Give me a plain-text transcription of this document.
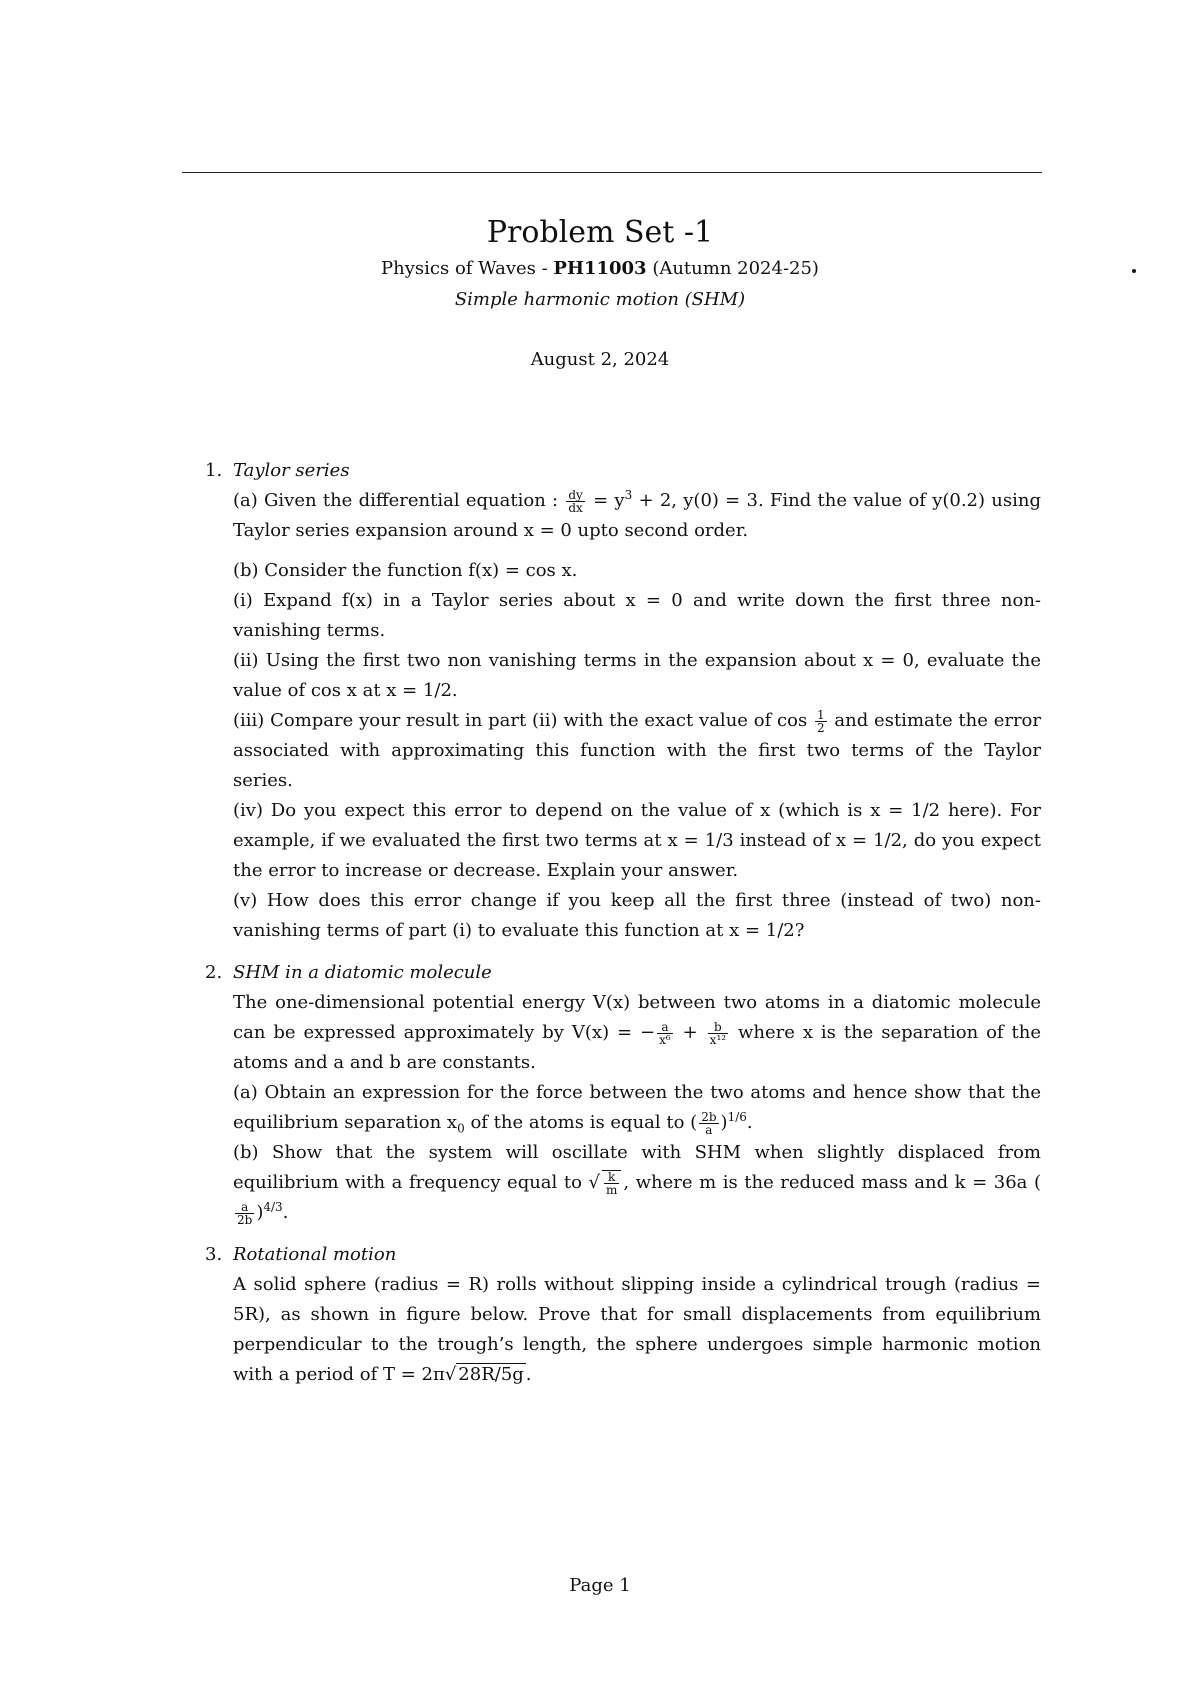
Problem Set -1
Physics of Waves - PH11003 (Autumn 2024-25)
Simple harmonic motion (SHM)
August 2, 2024
1. Taylor series
(a) Given the differential equation : $\frac{dy}{dx} = y^3 + 2$, y(0) = 3. Find the value of y(0.2) using Taylor series expansion around x = 0 upto second order.
(b) Consider the function f(x) = cos x.
(i) Expand f(x) in a Taylor series about x = 0 and write down the first three non-vanishing terms.
(ii) Using the first two non vanishing terms in the expansion about x = 0, evaluate the value of cos x at x = 1/2.
(iii) Compare your result in part (ii) with the exact value of $\cos \frac{1}{2}$ and estimate the error associated with approximating this function with the first two terms of the Taylor series.
(iv) Do you expect this error to depend on the value of x (which is x = 1/2 here). For example, if we evaluated the first two terms at x = 1/3 instead of x = 1/2, do you expect the error to increase or decrease. Explain your answer.
(v) How does this error change if you keep all the first three (instead of two) non-vanishing terms of part (i) to evaluate this function at x = 1/2?
2. SHM in a diatomic molecule
The one-dimensional potential energy V(x) between two atoms in a diatomic molecule can be expressed approximately by V(x) = − $\frac{a}{\text{x⁶}} + \frac{b}{\text{x¹²}}$ where x is the separation of the atoms and a and b are constants.
(a) Obtain an expression for the force between the two atoms and hence show that the equilibrium separation $x_0$ of the atoms is equal to ( $\frac{2b}{a} )^{1/6}$.
(b) Show that the system will oscillate with SHM when slightly displaced from equilibrium with a frequency equal to √ $\frac{k}{m}$ , where m is the reduced mass and k = 36a (
$\frac{a}{2b} )^{4/3}$.
3. Rotational motion
A solid sphere (radius = R) rolls without slipping inside a cylindrical trough (radius = 5R), as shown in figure below. Prove that for small displacements from equilibrium perpendicular to the trough’s length, the sphere undergoes simple harmonic motion with a period of T = 2π√ 28R/5g .
Page 1
